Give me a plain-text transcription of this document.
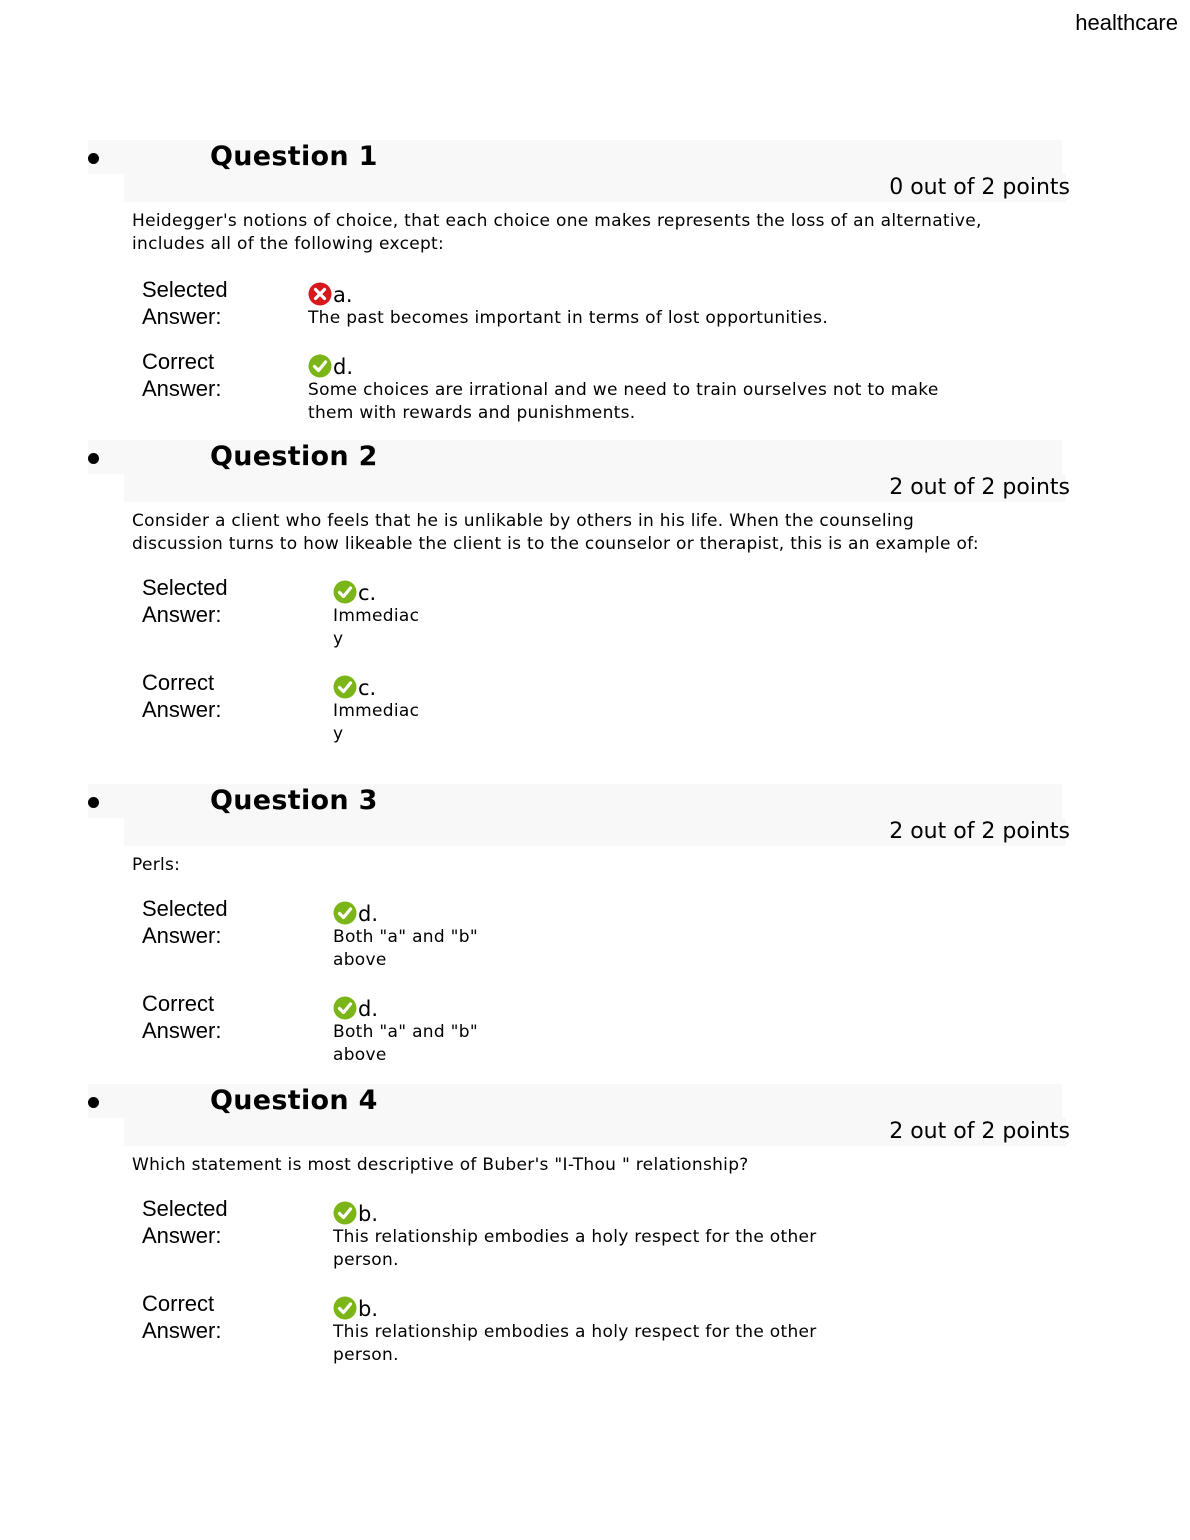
healthcare
Question 1
0 out of 2 points
Heidegger's notions of choice, that each choice one makes represents the loss of an alternative, includes all of the following except:
Selected
Answer:
a.
The past becomes important in terms of lost opportunities.
Correct
Answer:
d.
Some choices are irrational and we need to train ourselves not to make them with rewards and punishments.
Question 2
2 out of 2 points
Consider a client who feels that he is unlikable by others in his life. When the counseling discussion turns to how likeable the client is to the counselor or therapist, this is an example of:
Selected
Answer:
c.
Immediacy
Correct
Answer:
c.
Immediacy
Question 3
2 out of 2 points
Perls:
Selected
Answer:
d.
Both "a" and "b" above
Correct
Answer:
d.
Both "a" and "b" above
Question 4
2 out of 2 points
Which statement is most descriptive of Buber's "I-Thou " relationship?
Selected
Answer:
b.
This relationship embodies a holy respect for the other person.
Correct
Answer:
b.
This relationship embodies a holy respect for the other person.
